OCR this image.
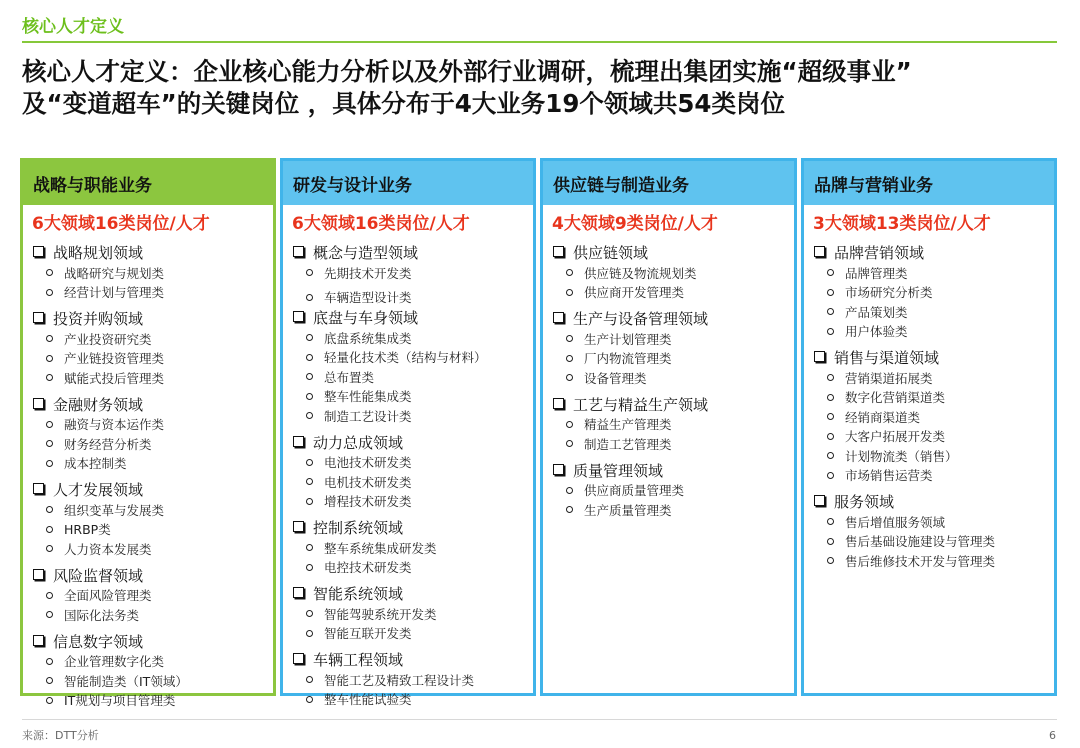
核心人才定义
核心人才定义：企业核心能力分析以及外部行业调研，梳理出集团实施“超级事业”
及“变道超车”的关键岗位 ，具体分布于4大业务19个领域共54类岗位
战略与职能业务
6大领域16类岗位/人才
战略规划领域
战略研究与规划类
经营计划与管理类
投资并购领域
产业投资研究类
产业链投资管理类
赋能式投后管理类
金融财务领域
融资与资本运作类
财务经营分析类
成本控制类
人才发展领域
组织变革与发展类
HRBP类
人力资本发展类
风险监督领域
全面风险管理类
国际化法务类
信息数字领域
企业管理数字化类
智能制造类（IT领域）
IT规划与项目管理类
研发与设计业务
6大领域16类岗位/人才
概念与造型领域
先期技术开发类
车辆造型设计类
底盘与车身领域
底盘系统集成类
轻量化技术类（结构与材料）
总布置类
整车性能集成类
制造工艺设计类
动力总成领域
电池技术研发类
电机技术研发类
增程技术研发类
控制系统领域
整车系统集成研发类
电控技术研发类
智能系统领域
智能驾驶系统开发类
智能互联开发类
车辆工程领域
智能工艺及精致工程设计类
整车性能试验类
供应链与制造业务
4大领域9类岗位/人才
供应链领域
供应链及物流规划类
供应商开发管理类
生产与设备管理领域
生产计划管理类
厂内物流管理类
设备管理类
工艺与精益生产领域
精益生产管理类
制造工艺管理类
质量管理领域
供应商质量管理类
生产质量管理类
品牌与营销业务
3大领域13类岗位/人才
品牌营销领域
品牌管理类
市场研究分析类
产品策划类
用户体验类
销售与渠道领域
营销渠道拓展类
数字化营销渠道类
经销商渠道类
大客户拓展开发类
计划物流类（销售）
市场销售运营类
服务领域
售后增值服务领域
售后基础设施建设与管理类
售后维修技术开发与管理类
来源：DTT分析	6
